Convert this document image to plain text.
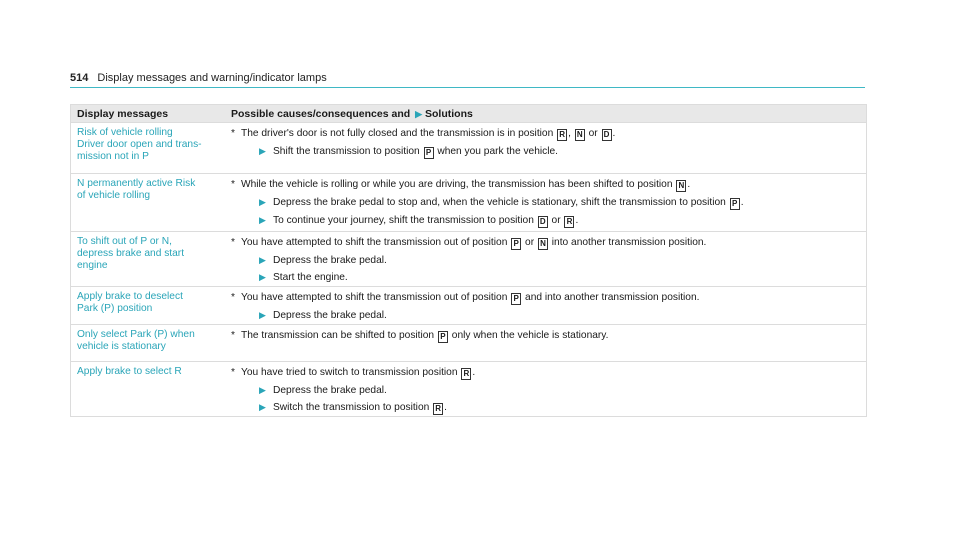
514 Display messages and warning/indicator lamps
Display messages	Possible causes/consequences and ▶ Solutions
Risk of vehicle rolling
Driver door open and trans-
mission not in P
* The driver's door is not fully closed and the transmission is in position R , N or D .
▶ Shift the transmission to position P when you park the vehicle.
N permanently active Risk
of vehicle rolling
* While the vehicle is rolling or while you are driving, the transmission has been shifted to position N .
▶ Depress the brake pedal to stop and, when the vehicle is stationary, shift the transmission to position P .
▶ To continue your journey, shift the transmission to position D or R .
To shift out of P or N,
depress brake and start
engine
* You have attempted to shift the transmission out of position P or N into another transmission position.
▶ Depress the brake pedal.
▶ Start the engine.
Apply brake to deselect
Park (P) position
* You have attempted to shift the transmission out of position P and into another transmission position.
▶ Depress the brake pedal.
Only select Park (P) when
vehicle is stationary
* The transmission can be shifted to position P only when the vehicle is stationary.
Apply brake to select R	* You have tried to switch to transmission position R .
▶ Depress the brake pedal.
▶ Switch the transmission to position R .
